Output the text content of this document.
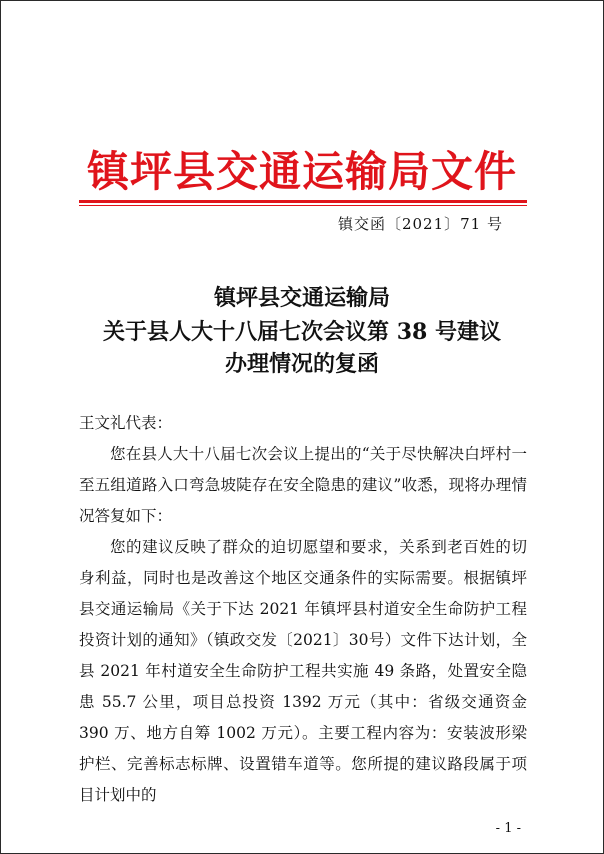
镇坪县交通运输局文件
镇交函〔2021〕71 号
镇坪县交通运输局
关于县人大十八届七次会议第 38 号建议
办理情况的复函

王文礼代表：

您在县人大十八届七次会议上提出的“关于尽快解决白坪村一至五组道路入口弯急坡陡存在安全隐患的建议”收悉，现将办理情况答复如下：

您的建议反映了群众的迫切愿望和要求，关系到老百姓的切身利益，同时也是改善这个地区交通条件的实际需要。根据镇坪县交通运输局《关于下达 2021 年镇坪县村道安全生命防护工程投资计划的通知》（镇政交发〔2021〕30号）文件下达计划，全县 2021 年村道安全生命防护工程共实施 49 条路，处置安全隐患 55.7 公里，项目总投资 1392 万元（其中：省级交通资金 390 万、地方自筹 1002 万元）。主要工程内容为：安装波形梁护栏、完善标志标牌、设置错车道等。您所提的建议路段属于项目计划中的

- 1 -
